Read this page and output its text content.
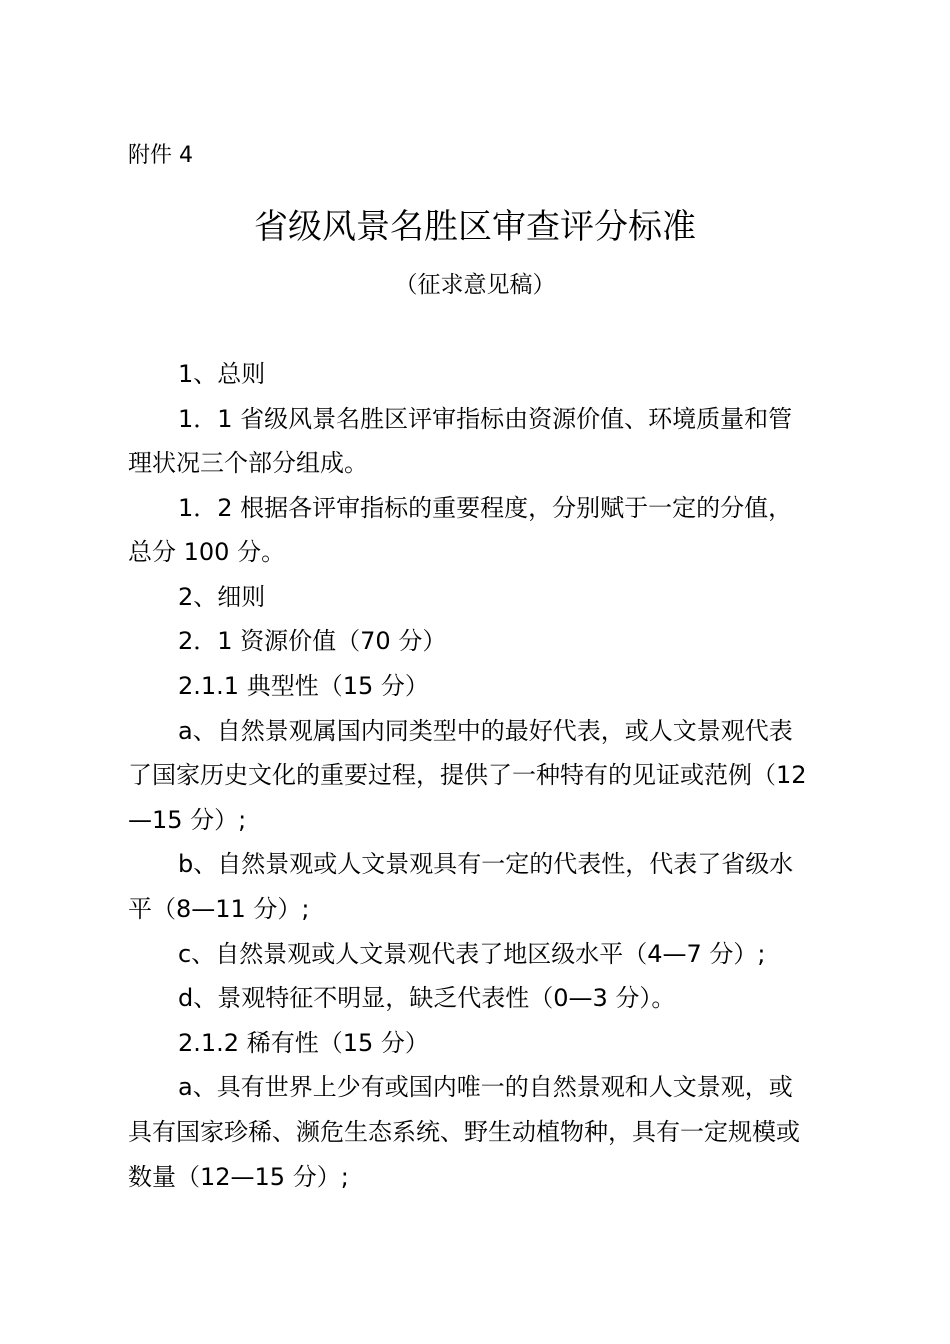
附件 4
省级风景名胜区审查评分标准
（征求意见稿）
1、总则
1．1 省级风景名胜区评审指标由资源价值、环境质量和管
理状况三个部分组成。
1．2 根据各评审指标的重要程度，分别赋于一定的分值，
总分 100 分。
2、细则
2．1 资源价值（70 分）
2.1.1 典型性（15 分）
a、自然景观属国内同类型中的最好代表，或人文景观代表
了国家历史文化的重要过程，提供了一种特有的见证或范例（12
—15 分）;
b、自然景观或人文景观具有一定的代表性，代表了省级水
平（8—11 分）;
c、自然景观或人文景观代表了地区级水平（4—7 分）;
d、景观特征不明显，缺乏代表性（0—3 分）。
2.1.2 稀有性（15 分）
a、具有世界上少有或国内唯一的自然景观和人文景观，或
具有国家珍稀、濒危生态系统、野生动植物种，具有一定规模或
数量（12—15 分）;
